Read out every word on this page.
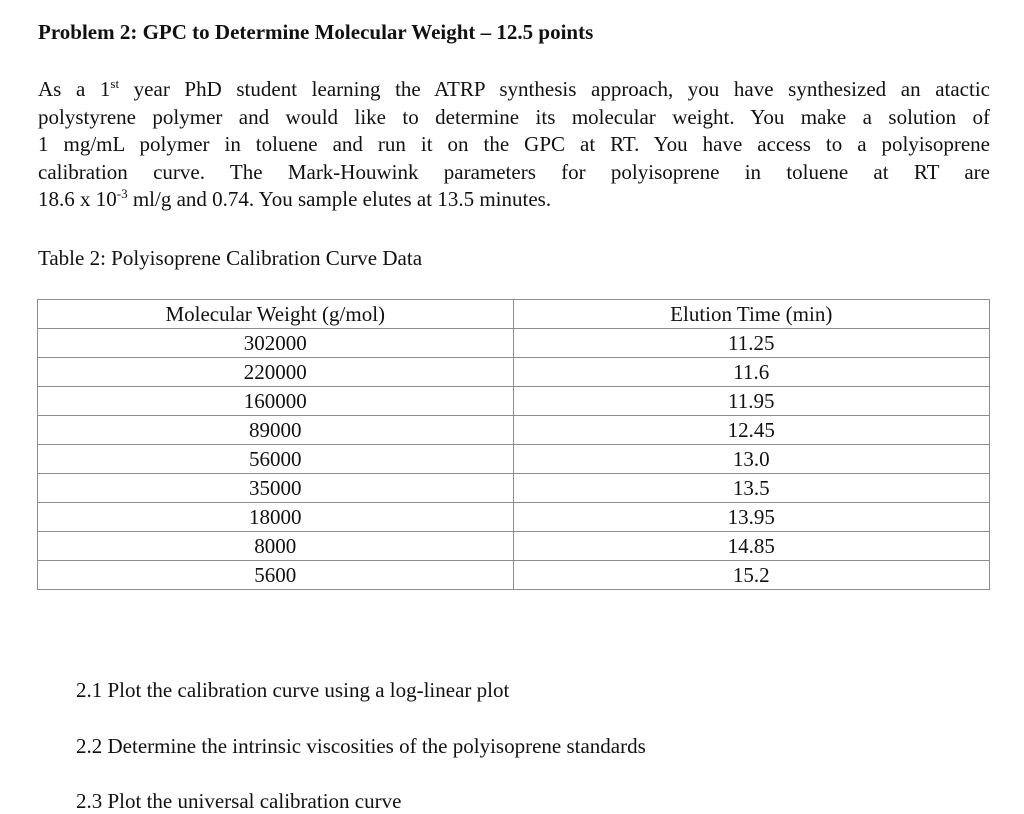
Problem 2: GPC to Determine Molecular Weight – 12.5 points
As a 1st year PhD student learning the ATRP synthesis approach, you have synthesized an atactic
polystyrene polymer and would like to determine its molecular weight. You make a solution of
1 mg/mL polymer in toluene and run it on the GPC at RT. You have access to a polyisoprene
calibration curve. The Mark-Houwink parameters for polyisoprene in toluene at RT are
18.6 x $10^{-3}$ ml/g and 0.74. You sample elutes at 13.5 minutes.
Table 2: Polyisoprene Calibration Curve Data
Molecular Weight (g/mol)	Elution Time (min)
302000	11.25
220000	11.6
160000	11.95
89000	12.45
56000	13.0
35000	13.5
18000	13.95
8000	14.85
5600	15.2
2.1 Plot the calibration curve using a log-linear plot
2.2 Determine the intrinsic viscosities of the polyisoprene standards
2.3 Plot the universal calibration curve
